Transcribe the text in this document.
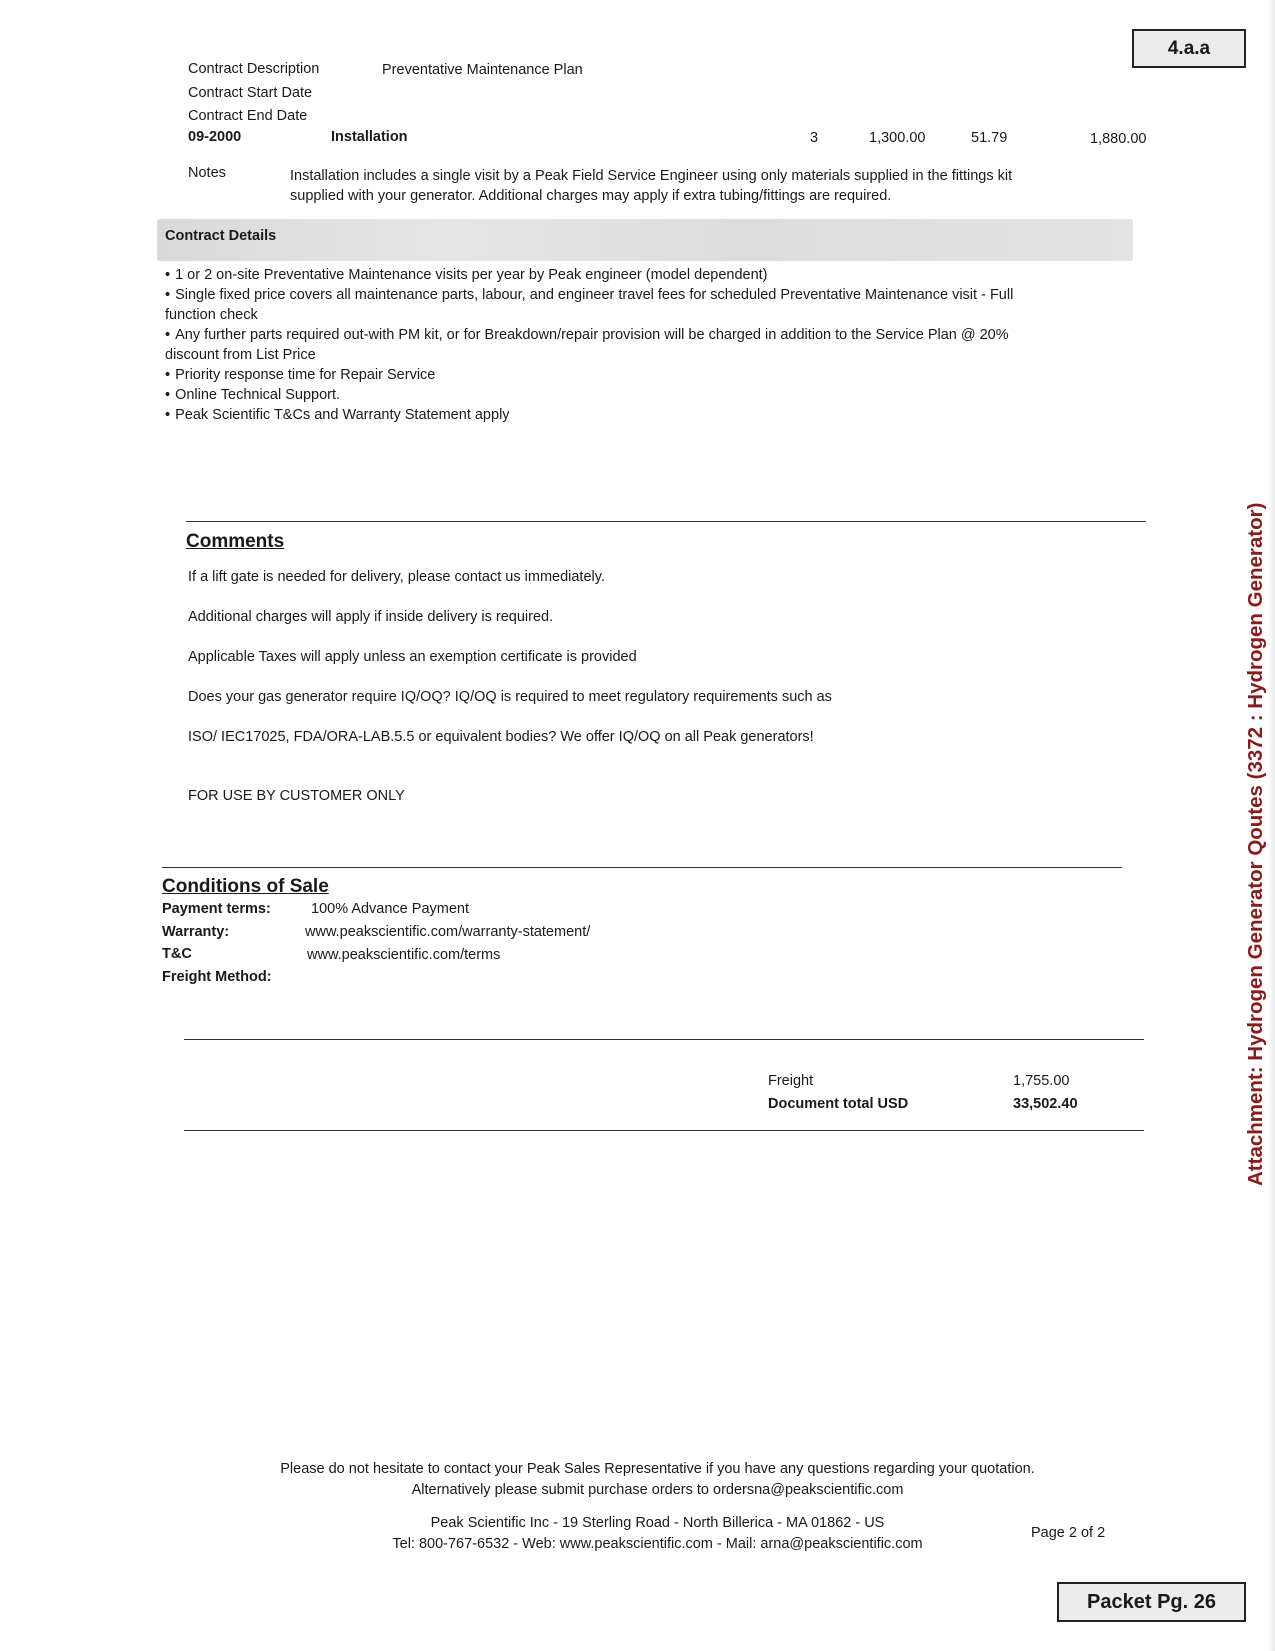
4.a.a
Contract Description	Preventative Maintenance Plan
Contract Start Date
Contract End Date
09-2000	Installation	3	1,300.00	51.79	1,880.00
Notes	Installation includes a single visit by a Peak Field Service Engineer using only materials supplied in the fittings kit
supplied with your generator. Additional charges may apply if extra tubing/fittings are required.
Contract Details
• 1 or 2 on-site Preventative Maintenance visits per year by Peak engineer (model dependent)
• Single fixed price covers all maintenance parts, labour, and engineer travel fees for scheduled Preventative Maintenance visit - Full function check
• Any further parts required out-with PM kit, or for Breakdown/repair provision will be charged in addition to the Service Plan @ 20% discount from List Price
• Priority response time for Repair Service
• Online Technical Support.
• Peak Scientific T&Cs and Warranty Statement apply
Comments
If a lift gate is needed for delivery, please contact us immediately.
Additional charges will apply if inside delivery is required.
Applicable Taxes will apply unless an exemption certificate is provided
Does your gas generator require IQ/OQ? IQ/OQ is required to meet regulatory requirements such as
ISO/ IEC17025, FDA/ORA-LAB.5.5 or equivalent bodies? We offer IQ/OQ on all Peak generators!
FOR USE BY CUSTOMER ONLY
Conditions of Sale
Payment terms:	100% Advance Payment
Warranty:	www.peakscientific.com/warranty-statement/
T&C	www.peakscientific.com/terms
Freight Method:
Freight	1,755.00
Document total USD	33,502.40
Please do not hesitate to contact your Peak Sales Representative if you have any questions regarding your quotation.
Alternatively please submit purchase orders to ordersna@peakscientific.com
Peak Scientific Inc - 19 Sterling Road - North Billerica - MA 01862 - US
Tel: 800-767-6532 - Web: www.peakscientific.com - Mail: arna@peakscientific.com
Page 2 of 2
Attachment: Hydrogen Generator Qoutes (3372 : Hydrogen Generator)
Packet Pg. 26
